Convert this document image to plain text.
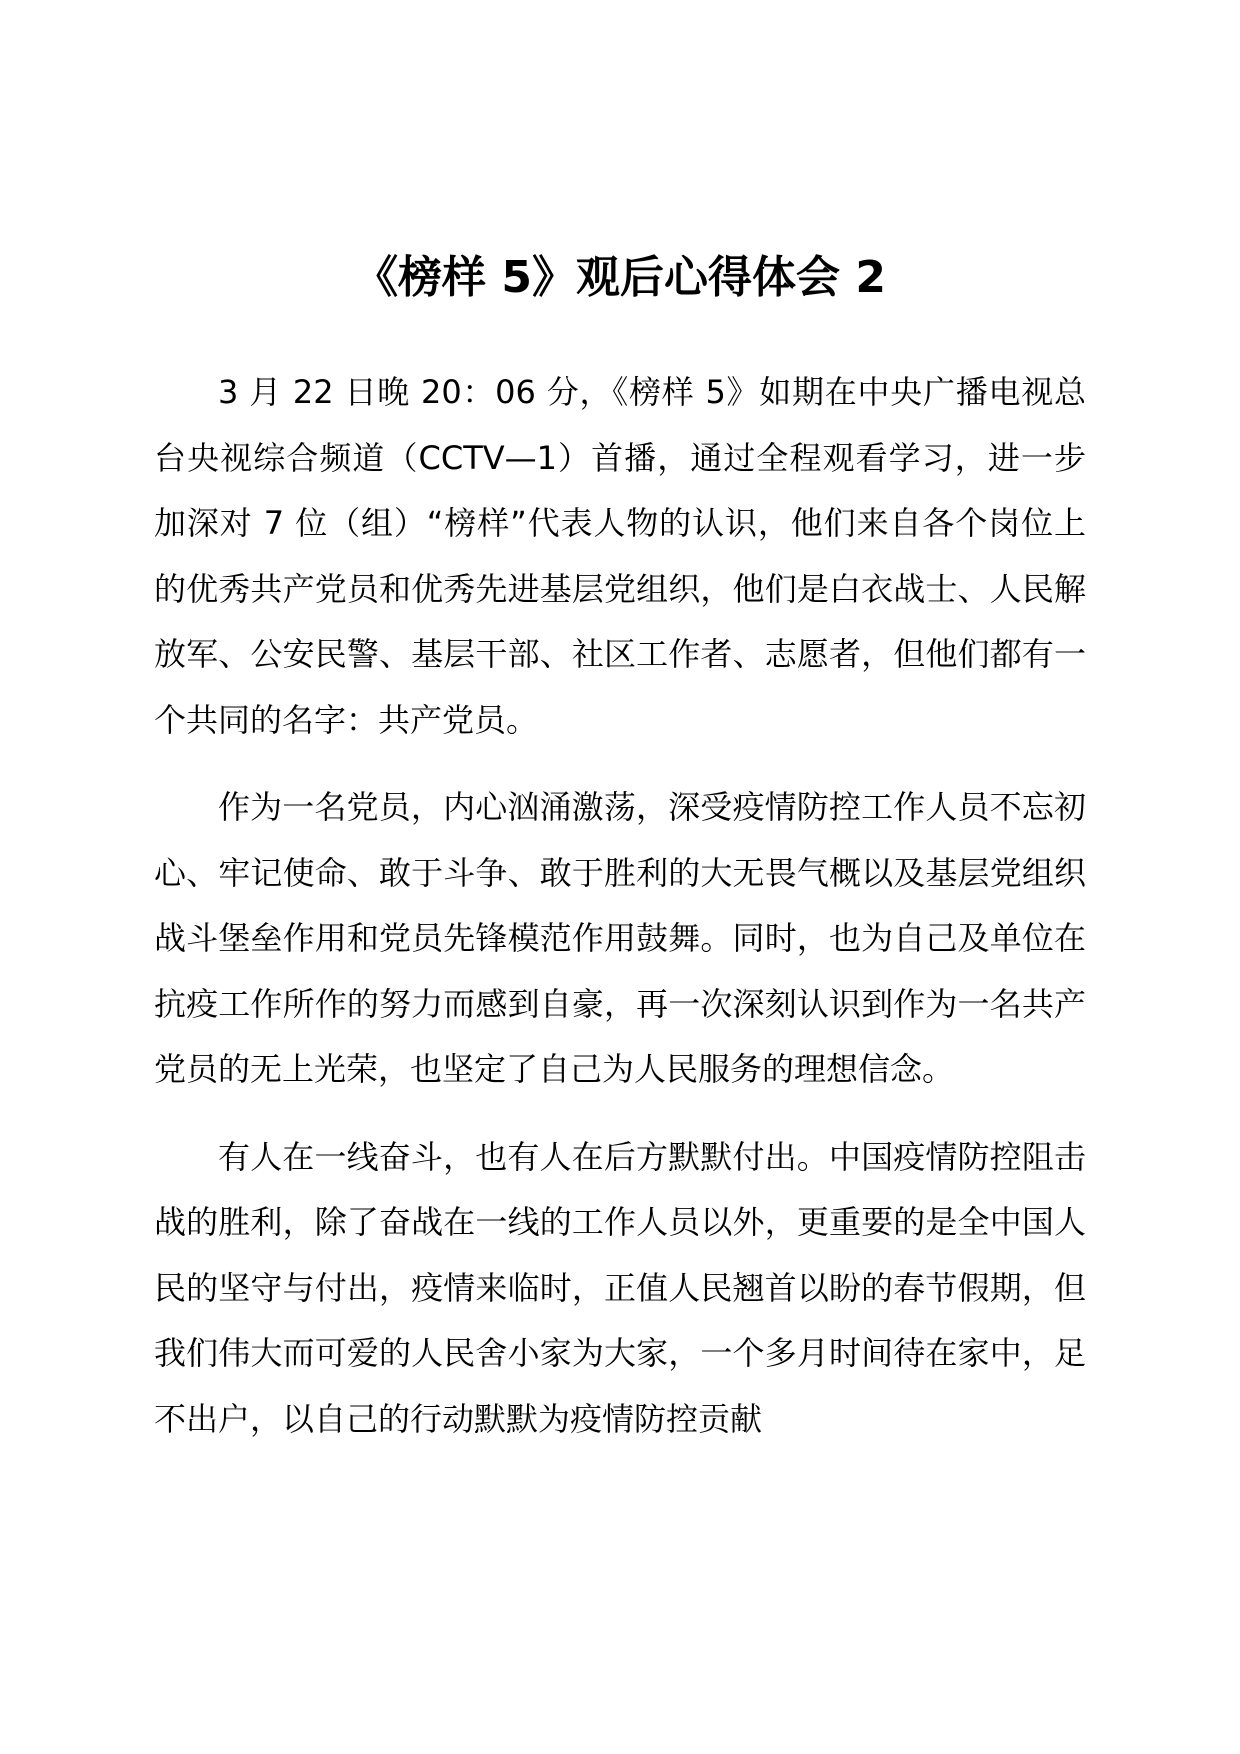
《榜样 5》观后心得体会 2

3 月 22 日晚 20：06 分，《榜样 5》如期在中央广播电视总台央视综合频道（CCTV—1）首播，通过全程观看学习，进一步加深对 7 位（组）“榜样”代表人物的认识，他们来自各个岗位上的优秀共产党员和优秀先进基层党组织，他们是白衣战士、人民解放军、公安民警、基层干部、社区工作者、志愿者，但他们都有一个共同的名字：共产党员。

作为一名党员，内心汹涌激荡，深受疫情防控工作人员不忘初心、牢记使命、敢于斗争、敢于胜利的大无畏气概以及基层党组织战斗堡垒作用和党员先锋模范作用鼓舞。同时，也为自己及单位在抗疫工作所作的努力而感到自豪，再一次深刻认识到作为一名共产党员的无上光荣，也坚定了自己为人民服务的理想信念。

有人在一线奋斗，也有人在后方默默付出。中国疫情防控阻击战的胜利，除了奋战在一线的工作人员以外，更重要的是全中国人民的坚守与付出，疫情来临时，正值人民翘首以盼的春节假期，但我们伟大而可爱的人民舍小家为大家，一个多月时间待在家中，足不出户，以自己的行动默默为疫情防控贡献
